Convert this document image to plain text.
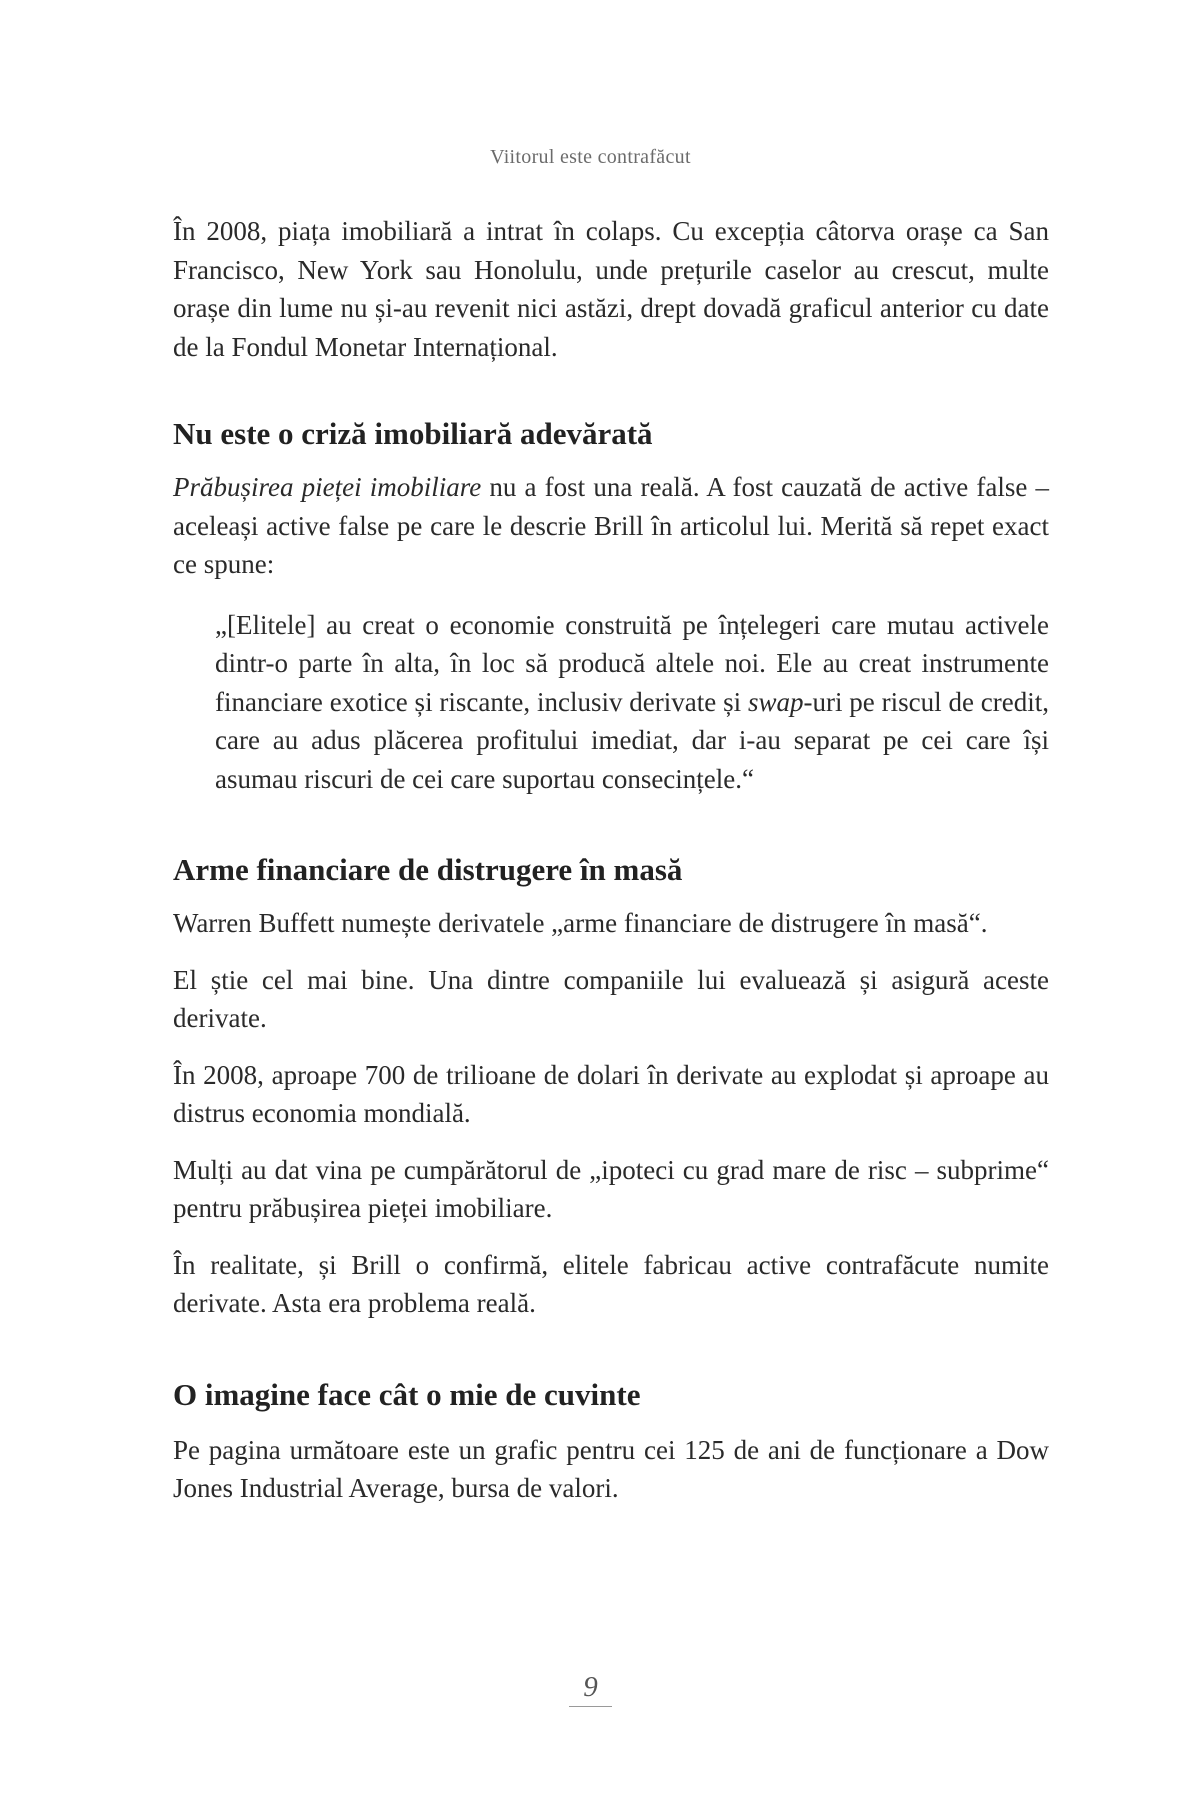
Viitorul este contrafăcut

În 2008, piața imobiliară a intrat în colaps. Cu excepția câtorva orașe ca San Francisco, New York sau Honolulu, unde prețurile caselor au crescut, multe orașe din lume nu și-au revenit nici astăzi, drept dovadă graficul anterior cu date de la Fondul Monetar Internațional.

Nu este o criză imobiliară adevărată

Prăbușirea pieței imobiliare nu a fost una reală. A fost cauzată de active false – aceleași active false pe care le descrie Brill în articolul lui. Merită să repet exact ce spune:

„[Elitele] au creat o economie construită pe înțelegeri care mutau activele dintr-o parte în alta, în loc să producă altele noi. Ele au creat instrumente financiare exotice și riscante, inclusiv derivate și swap-uri pe riscul de credit, care au adus plăcerea profitului imediat, dar i-au separat pe cei care își asumau riscuri de cei care suportau consecințele.“

Arme financiare de distrugere în masă

Warren Buffett numește derivatele „arme financiare de distrugere în masă“.

El știe cel mai bine. Una dintre companiile lui evaluează și asigură aceste derivate.

În 2008, aproape 700 de trilioane de dolari în derivate au explodat și aproape au distrus economia mondială.

Mulți au dat vina pe cumpărătorul de „ipoteci cu grad mare de risc – subprime“ pentru prăbușirea pieței imobiliare.

În realitate, și Brill o confirmă, elitele fabricau active contrafăcute numite derivate. Asta era problema reală.

O imagine face cât o mie de cuvinte

Pe pagina următoare este un grafic pentru cei 125 de ani de funcționare a Dow Jones Industrial Average, bursa de valori.

9
